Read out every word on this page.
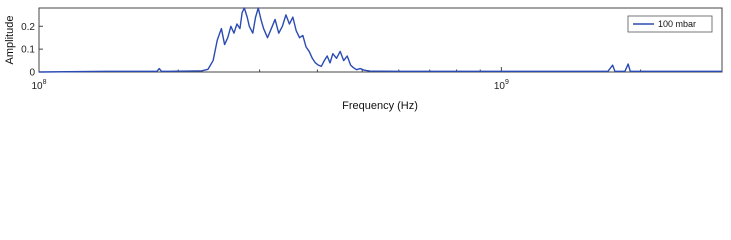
$10^8$	$10^9$
0
0.1
0.2
Amplitude
Frequency (Hz)
100 mbar
